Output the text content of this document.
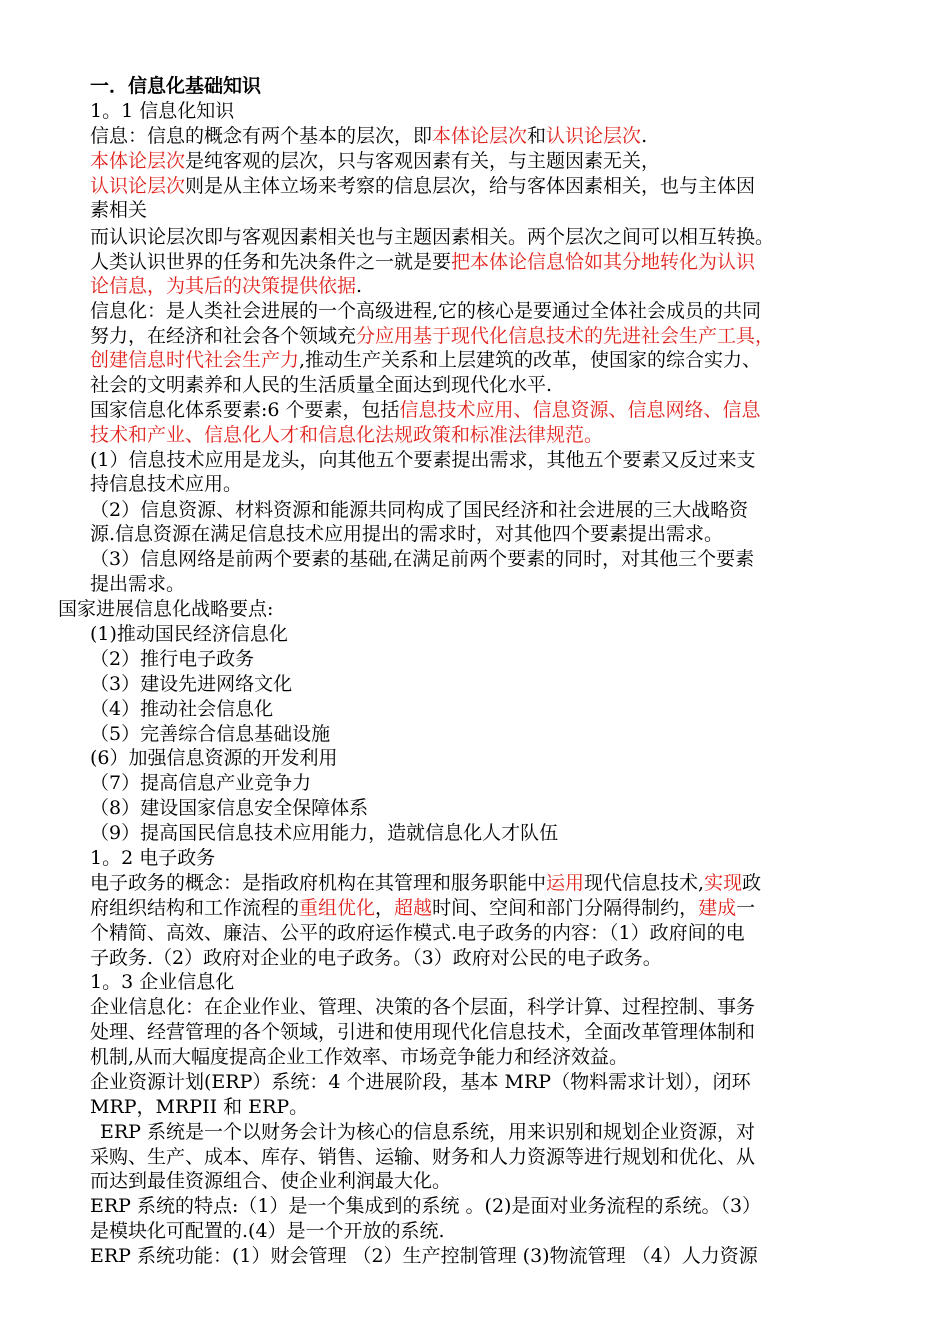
一．信息化基础知识
1。1 信息化知识
信息：信息的概念有两个基本的层次，即本体论层次和认识论层次.
本体论层次是纯客观的层次，只与客观因素有关，与主题因素无关，
认识论层次则是从主体立场来考察的信息层次，给与客体因素相关，也与主体因
素相关
而认识论层次即与客观因素相关也与主题因素相关。两个层次之间可以相互转换。
人类认识世界的任务和先决条件之一就是要把本体论信息恰如其分地转化为认识
论信息，为其后的决策提供依据.
信息化：是人类社会进展的一个高级进程,它的核心是要通过全体社会成员的共同
努力，在经济和社会各个领域充分应用基于现代化信息技术的先进社会生产工具，
创建信息时代社会生产力,推动生产关系和上层建筑的改革，使国家的综合实力、
社会的文明素养和人民的生活质量全面达到现代化水平.
国家信息化体系要素:6 个要素，包括信息技术应用、信息资源、信息网络、信息
技术和产业、信息化人才和信息化法规政策和标准法律规范。
(1）信息技术应用是龙头，向其他五个要素提出需求，其他五个要素又反过来支
持信息技术应用。
（2）信息资源、材料资源和能源共同构成了国民经济和社会进展的三大战略资
源.信息资源在满足信息技术应用提出的需求时，对其他四个要素提出需求。
（3）信息网络是前两个要素的基础,在满足前两个要素的同时，对其他三个要素
提出需求。
国家进展信息化战略要点:
(1)推动国民经济信息化
（2）推行电子政务
（3）建设先进网络文化
（4）推动社会信息化
（5）完善综合信息基础设施
(6）加强信息资源的开发利用
（7）提高信息产业竞争力
（8）建设国家信息安全保障体系
（9）提高国民信息技术应用能力，造就信息化人才队伍
1。2 电子政务
电子政务的概念：是指政府机构在其管理和服务职能中运用现代信息技术,实现政
府组织结构和工作流程的重组优化，超越时间、空间和部门分隔得制约，建成一
个精简、高效、廉洁、公平的政府运作模式.电子政务的内容：（1）政府间的电
子政务.（2）政府对企业的电子政务。（3）政府对公民的电子政务。
1。3 企业信息化
企业信息化：在企业作业、管理、决策的各个层面，科学计算、过程控制、事务
处理、经营管理的各个领域，引进和使用现代化信息技术，全面改革管理体制和
机制,从而大幅度提高企业工作效率、市场竞争能力和经济效益。
企业资源计划(ERP）系统：4 个进展阶段，基本 MRP（物料需求计划），闭环
MRP，MRPII 和 ERP。
ERP 系统是一个以财务会计为核心的信息系统，用来识别和规划企业资源，对
采购、生产、成本、库存、销售、运输、财务和人力资源等进行规划和优化、从
而达到最佳资源组合、使企业利润最大化。
ERP 系统的特点:（1）是一个集成到的系统 。(2)是面对业务流程的系统。（3）
是模块化可配置的.(4）是一个开放的系统.
ERP 系统功能：(1）财会管理 （2）生产控制管理 (3)物流管理 （4）人力资源
